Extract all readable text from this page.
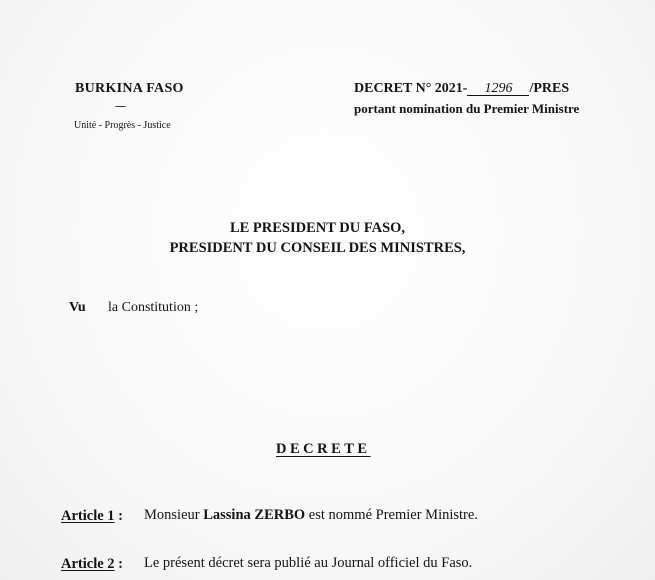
BURKINA FASO
-----
Unité - Progrès - Justice
DECRET N° 2021- 1296 /PRES
portant nomination du Premier Ministre
LE PRESIDENT DU FASO,
PRESIDENT DU CONSEIL DES MINISTRES,
Vu la Constitution ;
DECRETE
Article 1 : Monsieur Lassina ZERBO est nommé Premier Ministre.
Article 2 : Le présent décret sera publié au Journal officiel du Faso.
